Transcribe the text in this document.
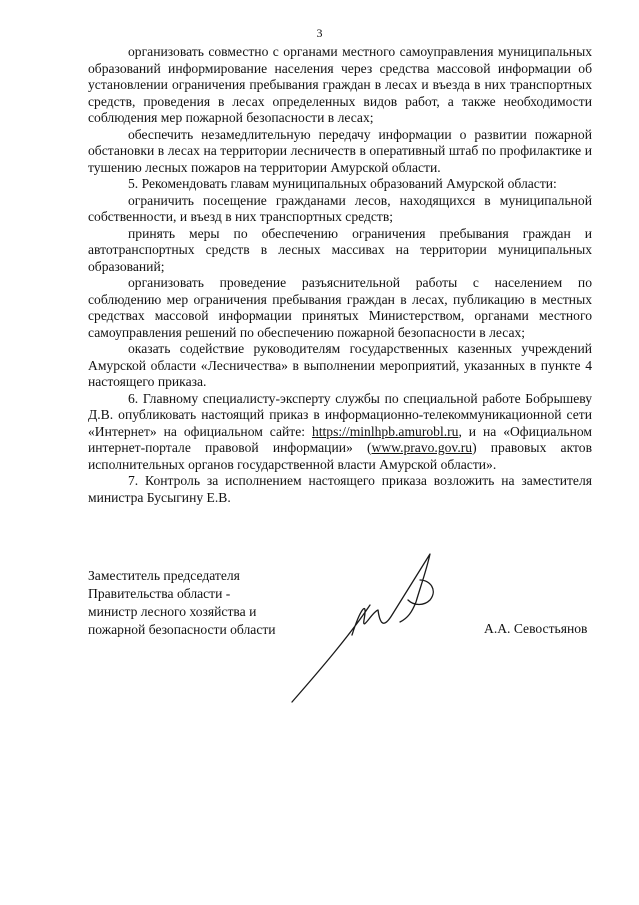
3

организовать совместно с органами местного самоуправления муниципальных образований информирование населения через средства массовой информации об установлении ограничения пребывания граждан в лесах и въезда в них транспортных средств, проведения в лесах определенных видов работ, а также необходимости соблюдения мер пожарной безопасности в лесах;

обеспечить незамедлительную передачу информации о развитии пожарной обстановки в лесах на территории лесничеств в оперативный штаб по профилактике и тушению лесных пожаров на территории Амурской области.

5. Рекомендовать главам муниципальных образований Амурской области:

ограничить посещение гражданами лесов, находящихся в муниципальной собственности, и въезд в них транспортных средств;

принять меры по обеспечению ограничения пребывания граждан и автотранспортных средств в лесных массивах на территории муниципальных образований;

организовать проведение разъяснительной работы с населением по соблюдению мер ограничения пребывания граждан в лесах, публикацию в местных средствах массовой информации принятых Министерством, органами местного самоуправления решений по обеспечению пожарной безопасности в лесах;

оказать содействие руководителям государственных казенных учреждений Амурской области «Лесничества» в выполнении мероприятий, указанных в пункте 4 настоящего приказа.

6. Главному специалисту-эксперту службы по специальной работе Бобрышеву Д.В. опубликовать настоящий приказ в информационно-телекоммуникационной сети «Интернет» на официальном сайте: https://minlhpb.amurobl.ru, и на «Официальном интернет-портале правовой информации» (www.pravo.gov.ru) правовых актов исполнительных органов государственной власти Амурской области».

7. Контроль за исполнением настоящего приказа возложить на заместителя министра Бусыгину Е.В.

Заместитель председателя
Правительства области -
министр лесного хозяйства и
пожарной безопасности области	А.А. Севостьянов
